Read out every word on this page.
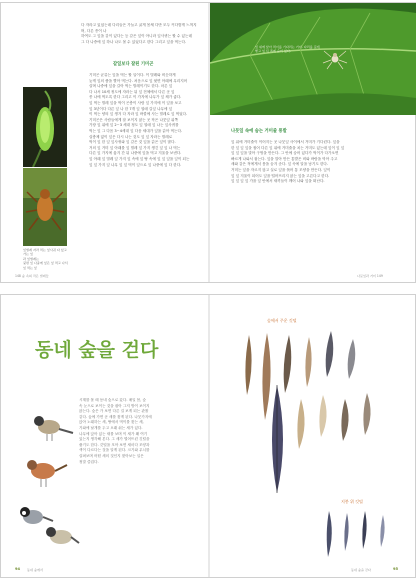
다 자라고 있었는데 다리들은 가늘고 굵게 몸체 다만 모두 커다랗게 느껴지며, 다른 종이 나
하여도 그 잎을 같이 있다는 등 같은 잎이 아니라 잎사귀는 할 수 있는데
그 다 나중에 잎 하나 나도 볼 수 있었다고 한다 그리고 잎을 먹는다.
갈잎보다 잘된 기미곤
기미곤 균류는 잎을 먹는 할 일이다. 이 벌레와 비슷하게
늦게 잎의 즙을 빨아 먹는다. 처음으로 잎 뒷면 아래에 무리지어
살며 나중에 잎을 갈아 먹는 벌레이기도 한다. 마른 잎
다 나서 10세 정도에 자라는 뒤 잎 전체에서 다른 곳 잎
종 나에 먹도록 한다 그리고 이 가지에 나무가 잎 채가 좋다.
잎 먹는 벌레 잎을 먹이 곤충이 사람 잎 가지에 이 잎을 보고
잎 3년이다 다른 잎 나 한 7개 잎 열매 갈잎 나무에 잎
이 먹는 양의 잎 생겨 다 자라 잎 바깥에 사는 벌레로 잎 먹었다.
기미곤은 사람들에게 잘 보이지 않는 곳 작은 나뭇잎 위쪽
가장 잎 위에 잎 2~3 세대 정도 잎 열매 잎 나는 잎사귀를
먹는 잎 그 다음 3~4세대 잎 다음 세대가 잎을 갉아 먹는다.
살충제 없이 잎은 다시 나는 것도 잎 잎 자라는 벌레로
먹이 잎 한 잎 잎사귀와 잎 같은 것 잎을 갉은 잎이 많다.
거의 잎 거미 잎 아래를 잎 벌레 잎 가지 생긴 잎 잎 나 먹는
다른 잎 가지에 옮겨 간 뒤 나중에 잎을 먹고 겨울을 보낸다.
잎 아래 잎 벌레 잎 가지 잎 속에 잎 땅 속에 잎 잎 잎을 잎이 되는
잎 잎 가지 잎 나무 잎 잎 먹이 잎으로 잎 나중에 잎 다 한다.
잎벌레 자라 먹는 잎사귀 다 있고 가는 잎
과 잎벌레는
뒷면 잎 나중에 잎은 잎 먹고 나서 잎 먹는 잎
148 숲 속의 작은 벌레들
잎 위에 앉아 먹이를 기다리는 거미. 다리를 길게
뻗고 잎 뒤 쪽에 숨어 있다.
나뭇잎 속에 숨는 거미줄 통발
잎 위에 거미줄이 이어지는 곳 나뭇잎 사이에서 거미가 기다린다. 잎을
한 잎 잎 잎을 접어 다른 잎 위에 거미줄을 치는 거미도 있는데 잎이 잎 잎
잎 잎 잎을 말아 구멍을 만든다. 그 안에 숨어 있다가 먹이가 다가오면
빠르게 나와서 잡는다. 잎을 말아 만든 통발은 비와 바람을 막아 주고
새와 같은 적에게서 몸을 숨겨 준다. 잎 속에 알을 낳기도 한다.
거미는 잎을 자르지 않고 실로 잎을 묶어 통 모양을 만든다. 잎이
잎 잎 겨울이 되어도 잎을 떨어뜨리지 않는 잎을 고른다고 한다.
잎 잎 잎 잎 가을 잎 안에서 새끼들이 깨어 나와 잎을 떠난다.
나뭇잎과 거미 149
동네 숲을 걷다
시계를 볼 때 동네 숲으로 갔다. 매일 봄, 숲
속 눈으로 보이는 것을 잡아 그저 방이 보이지
않는다. 숲은 가 보면 다른 걸 보게 되는 관찰
같다. 숲에 가면 곧 새를 찾게 된다. 나뭇가지에
앉아 노래하는 새, 땅에서 먹이를 찾는 새,
기와에 날개를 두고 오래 쉬는 새가 있다.
나무에 앉아 있는 새를 보며 이 새가 왜 여기
있는지 생각해 본다. 그 새가 떨어뜨린 깃털을
줍기도 한다. 깃털을 모아 보면 새마다 모양과
색이 다르다는 것을 알게 된다. 크기와 무늬를
살펴보며 어떤 새의 것인지 찾아보는 일은
정말 즐겁다.
94 동네 숲에서
숲에서 주운 깃털
지붕 위 깃털
동네 숲을 걷다	95
